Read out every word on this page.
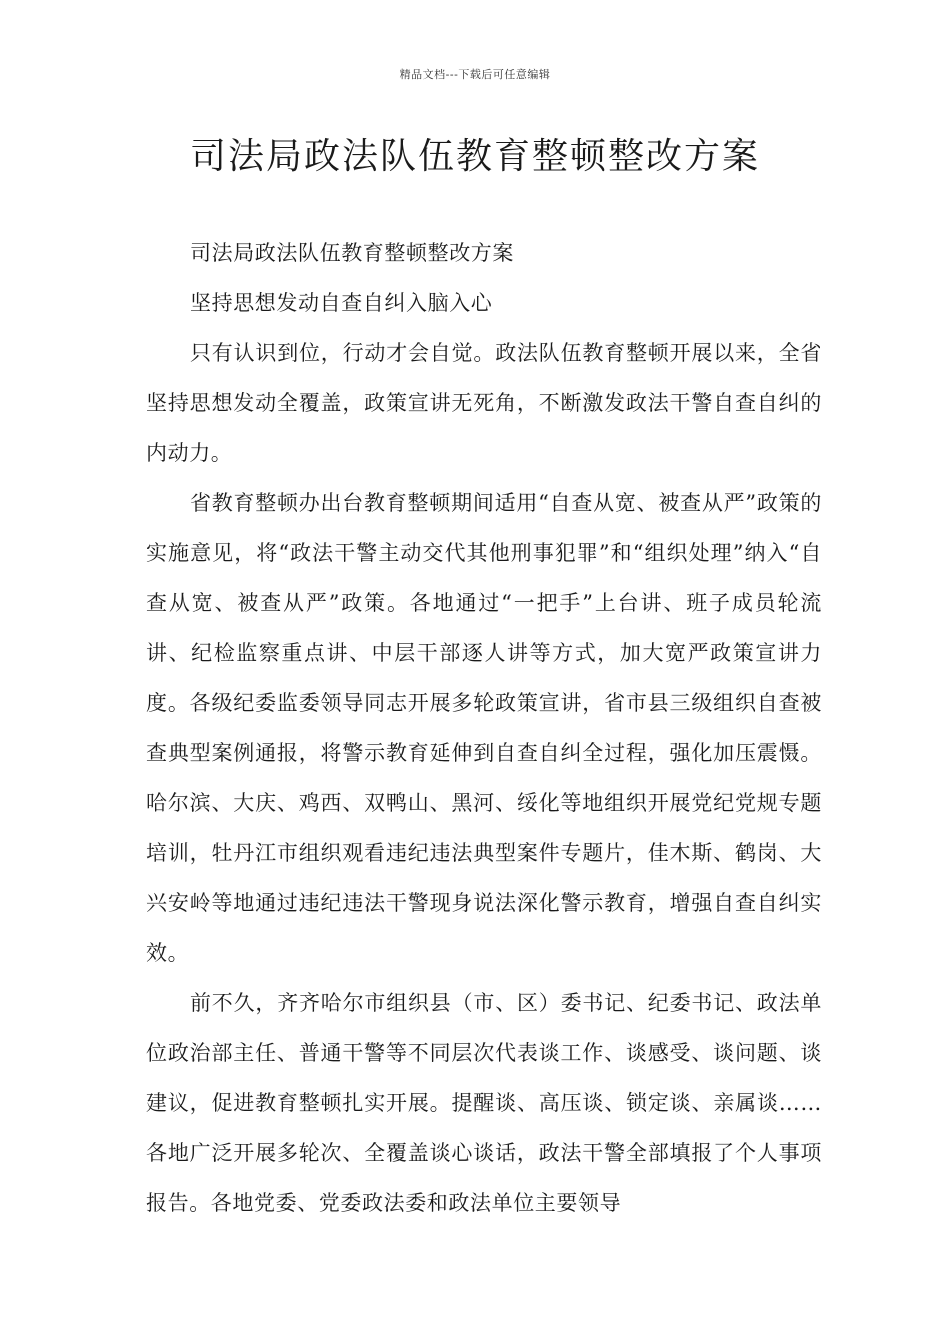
精品文档---下载后可任意编辑
司法局政法队伍教育整顿整改方案

司法局政法队伍教育整顿整改方案

坚持思想发动自查自纠入脑入心

只有认识到位，行动才会自觉。政法队伍教育整顿开展以来，全省坚持思想发动全覆盖，政策宣讲无死角，不断激发政法干警自查自纠的内动力。

省教育整顿办出台教育整顿期间适用“自查从宽、被查从严”政策的实施意见，将“政法干警主动交代其他刑事犯罪”和“组织处理”纳入“自查从宽、被查从严”政策。各地通过“一把手”上台讲、班子成员轮流讲、纪检监察重点讲、中层干部逐人讲等方式，加大宽严政策宣讲力度。各级纪委监委领导同志开展多轮政策宣讲，省市县三级组织自查被查典型案例通报，将警示教育延伸到自查自纠全过程，强化加压震慑。哈尔滨、大庆、鸡西、双鸭山、黑河、绥化等地组织开展党纪党规专题培训，牡丹江市组织观看违纪违法典型案件专题片，佳木斯、鹤岗、大兴安岭等地通过违纪违法干警现身说法深化警示教育，增强自查自纠实效。

前不久，齐齐哈尔市组织县（市、区）委书记、纪委书记、政法单位政治部主任、普通干警等不同层次代表谈工作、谈感受、谈问题、谈建议，促进教育整顿扎实开展。提醒谈、高压谈、锁定谈、亲属谈……各地广泛开展多轮次、全覆盖谈心谈话，政法干警全部填报了个人事项报告。各地党委、党委政法委和政法单位主要领导
